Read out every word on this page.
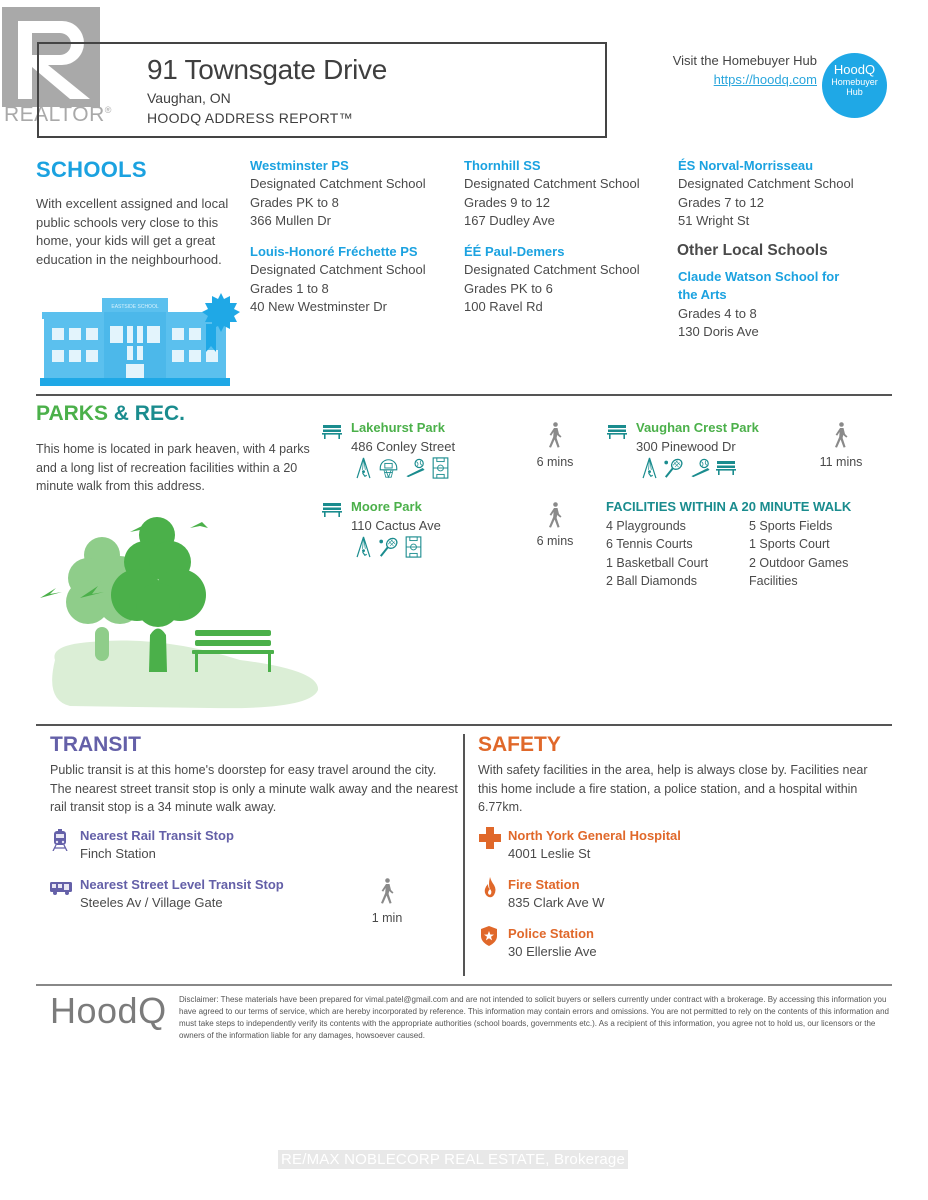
REALTOR®
91 Townsgate Drive
Vaughan, ON
HOODQ ADDRESS REPORT™
Visit the Homebuyer Hub
https://hoodq.com
HoodQ
Homebuyer
Hub
SCHOOLS
With excellent assigned and local public schools very close to this home, your kids will get a great education in the neighbourhood.
EASTSIDE SCHOOL
Westminster PS
Designated Catchment School
Grades PK to 8
366 Mullen Dr
Louis-Honoré Fréchette PS
Designated Catchment School
Grades 1 to 8
40 New Westminster Dr
Thornhill SS
Designated Catchment School
Grades 9 to 12
167 Dudley Ave
ÉÉ Paul-Demers
Designated Catchment School
Grades PK to 6
100 Ravel Rd
ÉS Norval-Morrisseau
Designated Catchment School
Grades 7 to 12
51 Wright St
Other Local Schools
Claude Watson School for
the Arts
Grades 4 to 8
130 Doris Ave
PARKS & REC.
This home is located in park heaven, with 4 parks and a long list of recreation facilities within a 20 minute walk from this address.
Lakehurst Park
486 Conley Street
6 mins
Moore Park
110 Cactus Ave
6 mins
Vaughan Crest Park
300 Pinewood Dr
11 mins
FACILITIES WITHIN A 20 MINUTE WALK
4 Playgrounds
6 Tennis Courts
1 Basketball Court
2 Ball Diamonds
5 Sports Fields
1 Sports Court
2 Outdoor Games
Facilities
TRANSIT
Public transit is at this home's doorstep for easy travel around the city. The nearest street transit stop is only a minute walk away and the nearest rail transit stop is a 34 minute walk away.
Nearest Rail Transit Stop
Finch Station
Nearest Street Level Transit Stop
Steeles Av / Village Gate
1 min
SAFETY
With safety facilities in the area, help is always close by. Facilities near this home include a fire station, a police station, and a hospital within 6.77km.
North York General Hospital
4001 Leslie St
Fire Station
835 Clark Ave W
Police Station
30 Ellerslie Ave
HoodQ Disclaimer: These materials have been prepared for vimal.patel@gmail.com and are not intended to solicit buyers or sellers currently under contract with a brokerage. By accessing this information you have agreed to our terms of service, which are hereby incorporated by reference. This information may contain errors and omissions. You are not permitted to rely on the contents of this information and must take steps to independently verify its contents with the appropriate authorities (school boards, governments etc.). As a recipient of this information, you agree not to hold us, our licensors or the owners of the information liable for any damages, howsoever caused.
RE/MAX NOBLECORP REAL ESTATE, Brokerage
